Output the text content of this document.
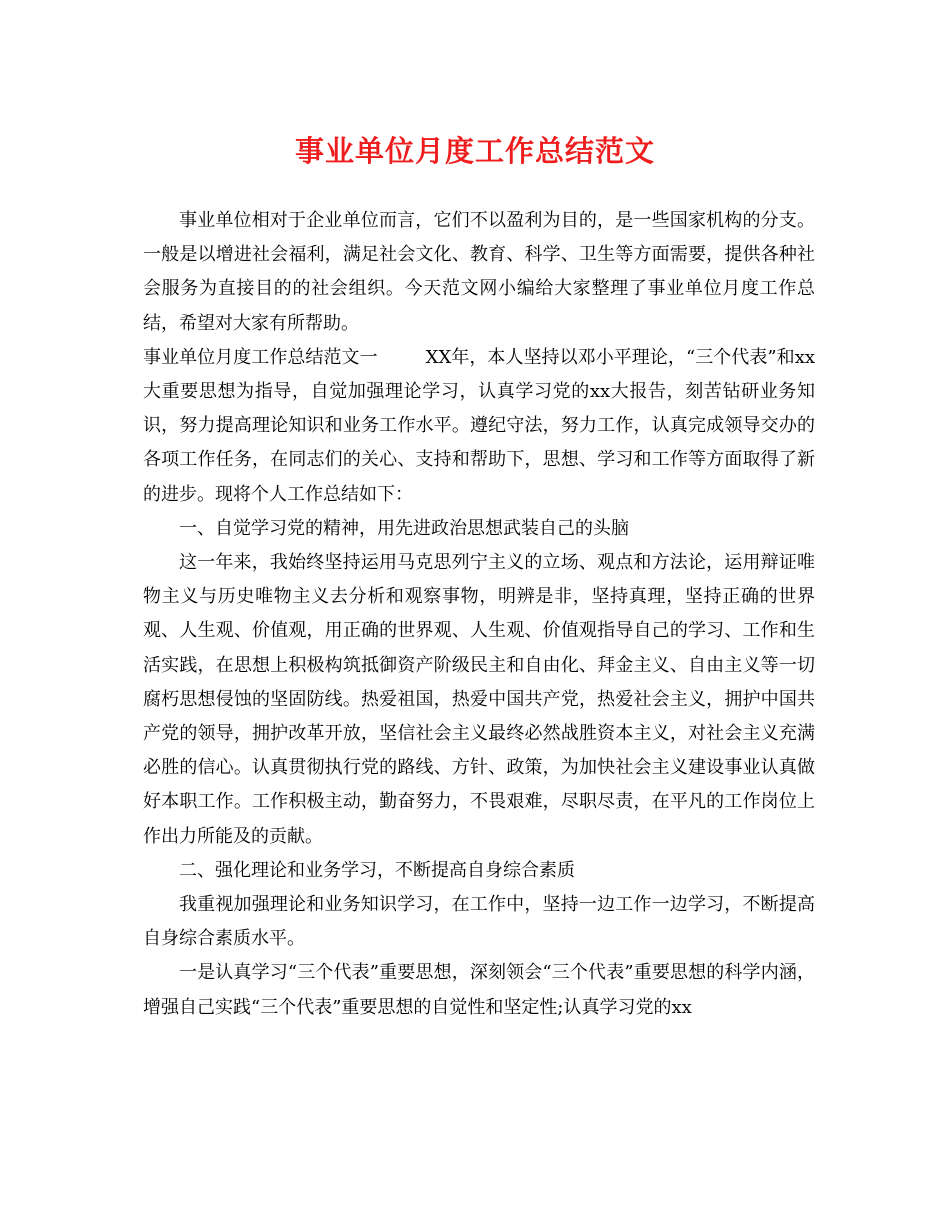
事业单位月度工作总结范文

事业单位相对于企业单位而言，它们不以盈利为目的，是一些国家机构的分支。一般是以增进社会福利，满足社会文化、教育、科学、卫生等方面需要，提供各种社会服务为直接目的的社会组织。今天范文网小编给大家整理了事业单位月度工作总结，希望对大家有所帮助。

事业单位月度工作总结范文一	XX年，本人坚持以邓小平理论，“三个代表”和xx大重要思想为指导，自觉加强理论学习，认真学习党的xx大报告，刻苦钻研业务知识，努力提高理论知识和业务工作水平。遵纪守法，努力工作，认真完成领导交办的各项工作任务，在同志们的关心、支持和帮助下，思想、学习和工作等方面取得了新的进步。现将个人工作总结如下：

一、自觉学习党的精神，用先进政治思想武装自己的头脑

这一年来，我始终坚持运用马克思列宁主义的立场、观点和方法论，运用辩证唯物主义与历史唯物主义去分析和观察事物，明辨是非，坚持真理，坚持正确的世界观、人生观、价值观，用正确的世界观、人生观、价值观指导自己的学习、工作和生活实践，在思想上积极构筑抵御资产阶级民主和自由化、拜金主义、自由主义等一切腐朽思想侵蚀的坚固防线。热爱祖国，热爱中国共产党，热爱社会主义，拥护中国共产党的领导，拥护改革开放，坚信社会主义最终必然战胜资本主义，对社会主义充满必胜的信心。认真贯彻执行党的路线、方针、政策，为加快社会主义建设事业认真做好本职工作。工作积极主动，勤奋努力，不畏艰难，尽职尽责，在平凡的工作岗位上作出力所能及的贡献。

二、强化理论和业务学习，不断提高自身综合素质

我重视加强理论和业务知识学习，在工作中，坚持一边工作一边学习，不断提高自身综合素质水平。

一是认真学习“三个代表”重要思想，深刻领会“三个代表”重要思想的科学内涵，增强自己实践“三个代表”重要思想的自觉性和坚定性;认真学习党的xx
